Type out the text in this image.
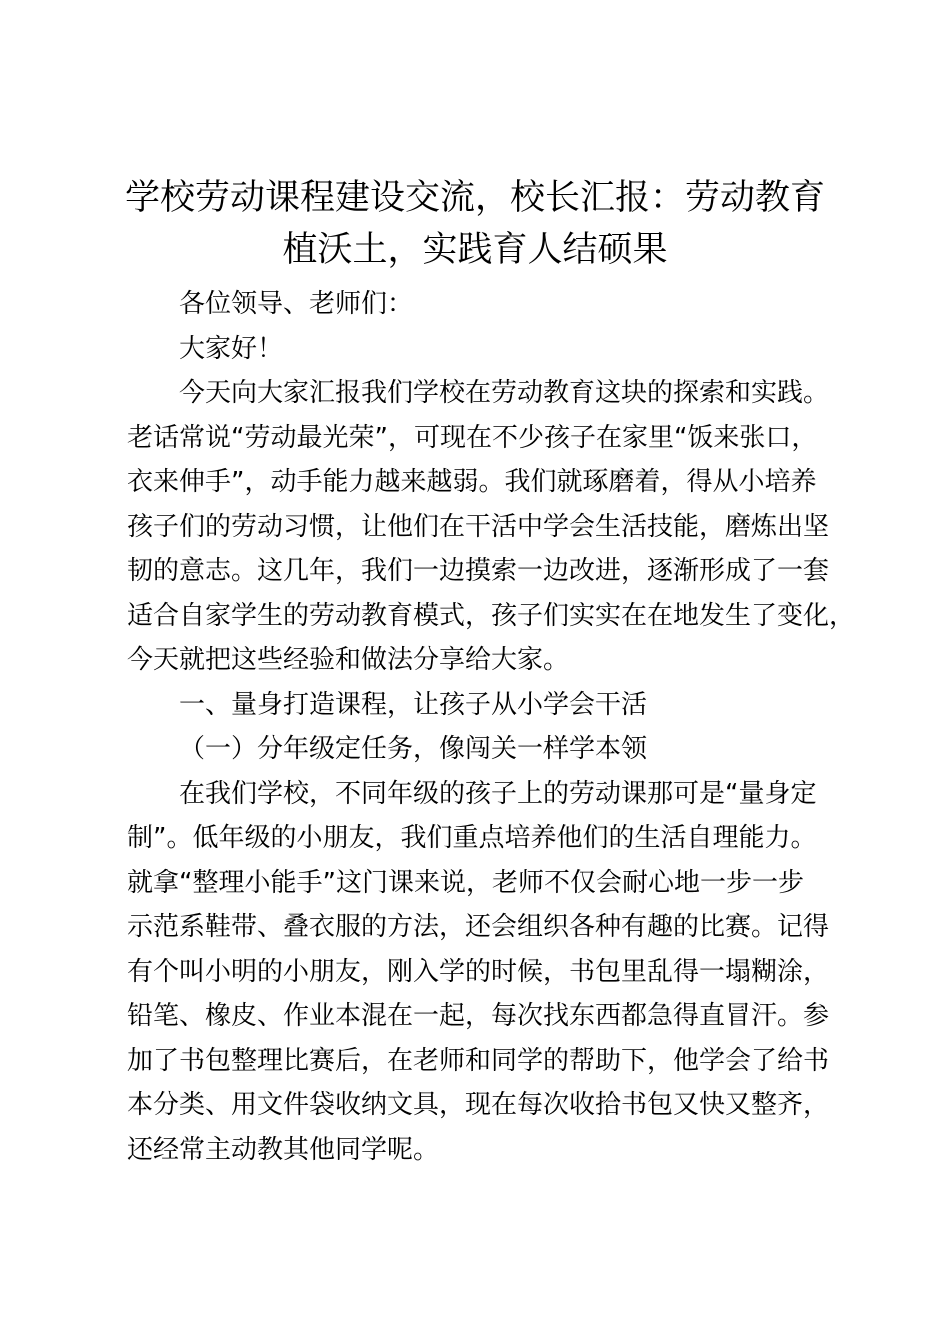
学校劳动课程建设交流，校长汇报：劳动教育
植沃土，实践育人结硕果

各位领导、老师们：

大家好！

今天向大家汇报我们学校在劳动教育这块的探索和实践。

老话常说“劳动最光荣”，可现在不少孩子在家里“饭来张口，

衣来伸手”，动手能力越来越弱。我们就琢磨着，得从小培养

孩子们的劳动习惯，让他们在干活中学会生活技能，磨炼出坚

韧的意志。这几年，我们一边摸索一边改进，逐渐形成了一套

适合自家学生的劳动教育模式，孩子们实实在在地发生了变化，

今天就把这些经验和做法分享给大家。

一、量身打造课程，让孩子从小学会干活

（一）分年级定任务，像闯关一样学本领

在我们学校，不同年级的孩子上的劳动课那可是“量身定

制”。低年级的小朋友，我们重点培养他们的生活自理能力。

就拿“整理小能手”这门课来说，老师不仅会耐心地一步一步

示范系鞋带、叠衣服的方法，还会组织各种有趣的比赛。记得

有个叫小明的小朋友，刚入学的时候，书包里乱得一塌糊涂，

铅笔、橡皮、作业本混在一起，每次找东西都急得直冒汗。参

加了书包整理比赛后，在老师和同学的帮助下，他学会了给书

本分类、用文件袋收纳文具，现在每次收拾书包又快又整齐，

还经常主动教其他同学呢。
